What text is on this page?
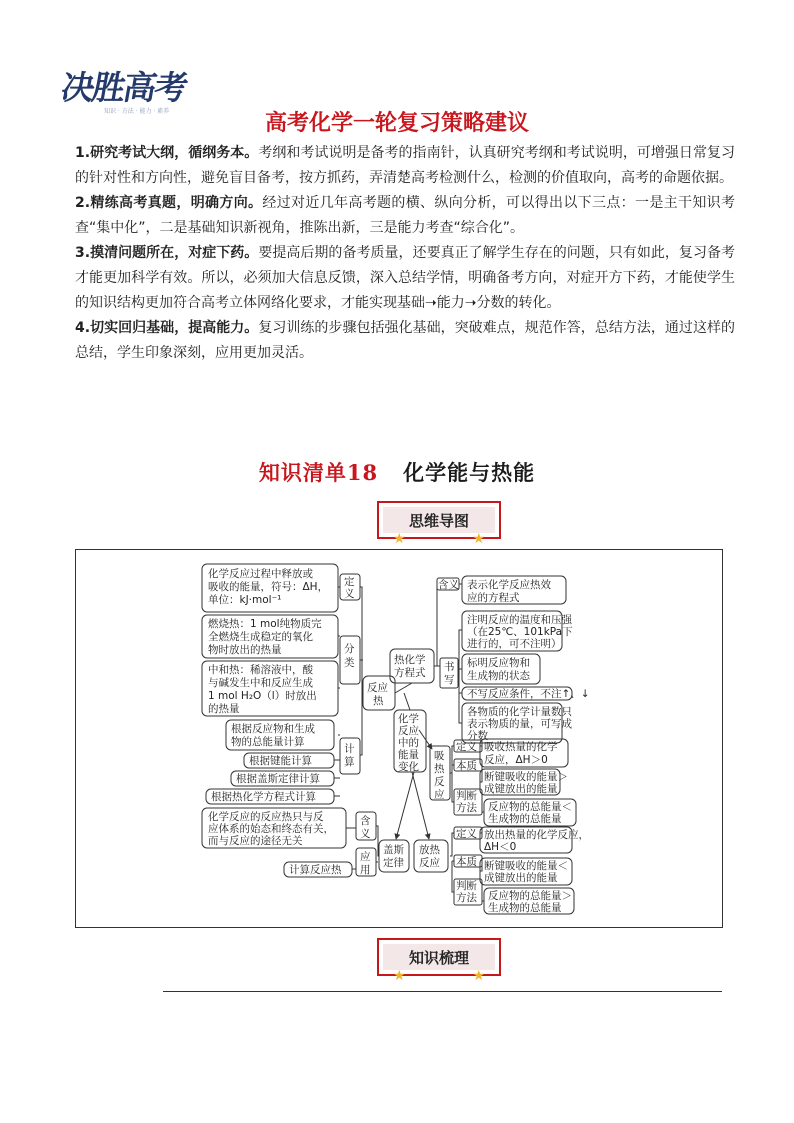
决胜高考
知识 · 方法 · 能力 · 素养	高考化学一轮复习策略建议

1.研究考试大纲，循纲务本。考纲和考试说明是备考的指南针，认真研究考纲和考试说明，可增强日常复习的针对性和方向性，避免盲目备考，按方抓药，弄清楚高考检测什么，检测的价值取向，高考的命题依据。

2.精练高考真题，明确方向。经过对近几年高考题的横、纵向分析，可以得出以下三点：一是主干知识考查“集中化”，二是基础知识新视角，推陈出新，三是能力考查“综合化”。

3.摸清问题所在，对症下药。要提高后期的备考质量，还要真正了解学生存在的问题，只有如此，复习备考才能更加科学有效。所以，必须加大信息反馈，深入总结学情，明确备考方向，对症开方下药，才能使学生的知识结构更加符合高考立体网络化要求，才能实现基础➝能力➝分数的转化。

4.切实回归基础，提高能力。复习训练的步骤包括强化基础，突破难点，规范作答，总结方法，通过这样的总结，学生印象深刻，应用更加灵活。

知识清单18 化学能与热能
思维导图
★	★
化学反应过程中释放或吸收的能量，符号：ΔH，单位：kJ·mol⁻¹
燃烧热：1 mol纯物质完全燃烧生成稳定的氧化物时放出的热量
中和热：稀溶液中，酸与碱发生中和反应生成 1 mol H₂O（l）时放出的热量
根据反应物和生成物的总能量计算
根据键能计算
根据盖斯定律计算
根据热化学方程式计算
定义
分类
计算
反应热
热化学方程式
化学反应中的能量变化
盖斯定律
放热反应
吸热反应
含义 表示化学反应热效应的方程式
书写
注明反应的温度和压强（在25℃、101kPa下进行的，可不注明）
标明反应物和生成物的状态
不写反应条件，不注↑、↓
各物质的化学计量数只表示物质的量，可写成分数
定义 吸收热量的化学反应，ΔH＞0
本质
断键吸收的能量＞成键放出的能量
判断方法 反应物的总能量＜生成物的总能量
定义 放出热量的化学反应， ΔH＜0
本质 断键吸收的能量＜成键放出的能量
判断方法 反应物的总能量＞生成物的总能量
化学反应的反应热只与反应体系的始态和终态有关，而与反应的途径无关
含义
应用
计算反应热
知识梳理
★	★
